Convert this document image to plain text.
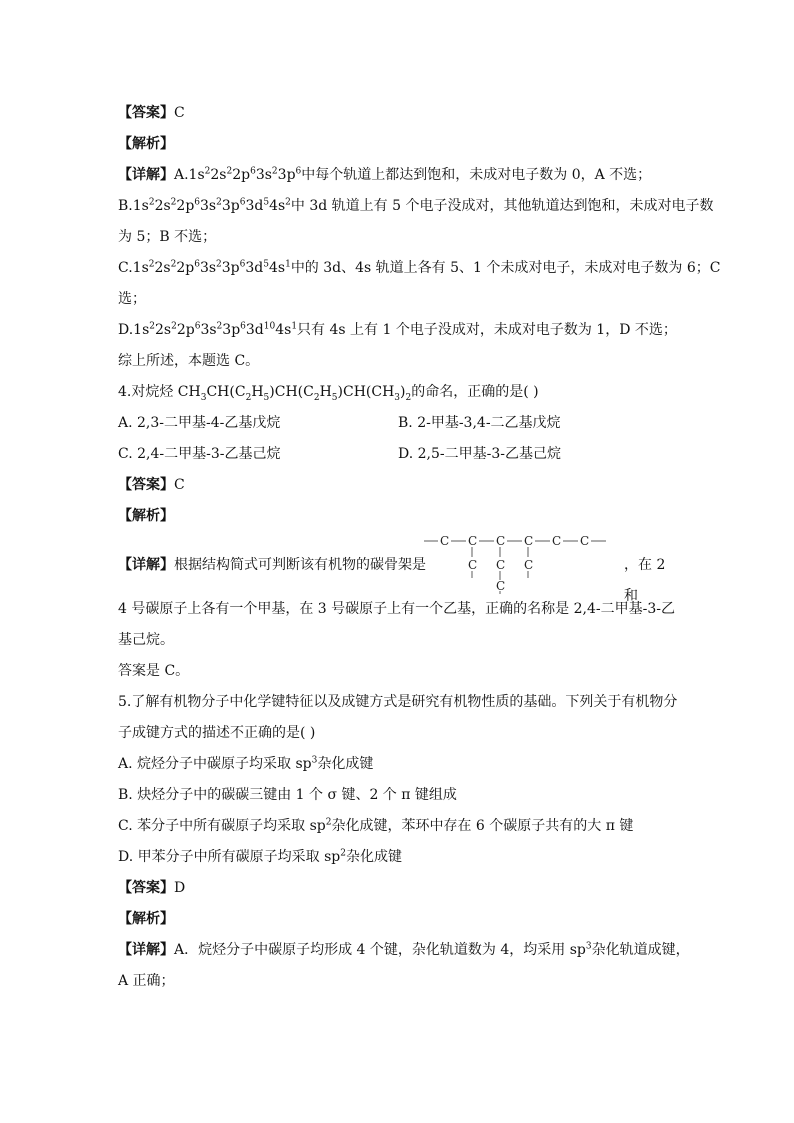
【答案】C
【解析】
【详解】$A.1s^22s^22p^63s^23p^6$中每个轨道上都达到饱和，未成对电子数为 0，A 不选；
$B.1s^22s^22p^63s^23p^63d^54s^2$中 3d 轨道上有 5 个电子没成对，其他轨道达到饱和，未成对电子数
为 5；B 不选；
$C.1s^22s^22p^63s^23p^63d^54s^1$中的 3d、4s 轨道上各有 5、1 个未成对电子，未成对电子数为 6；C
选；
$D.1s^22s^22p^63s^23p^63d^{10}4s^1$只有 4s 上有 1 个电子没成对，未成对电子数为 1，D 不选；
综上所述，本题选 C。
4.对烷烃 $CH_3CH(C_2H_5)CH(C_2H_5)CH(CH_3)_2$的命名，正确的是( )
A. 2,3-二甲基-4-乙基戊烷	B. 2-甲基-3,4-二乙基戊烷
C. 2,4-二甲基-3-乙基己烷	D. 2,5-二甲基-3-乙基己烷
【答案】C
【解析】
【详解】根据结构简式可判断该有机物的碳骨架是
C C C C C C
C C C
C
，在 2和
4 号碳原子上各有一个甲基，在 3 号碳原子上有一个乙基，正确的名称是 2,4-二甲基-3-乙
基己烷。
答案是 C。
5.了解有机物分子中化学键特征以及成键方式是研究有机物性质的基础。下列关于有机物分
子成键方式的描述不正确的是( )
A. 烷烃分子中碳原子均采取 $sp^3$杂化成键
B. 炔烃分子中的碳碳三键由 1 个 σ 键、2 个 π 键组成
C. 苯分子中所有碳原子均采取 $sp^2$杂化成键，苯环中存在 6 个碳原子共有的大 π 键
D. 甲苯分子中所有碳原子均采取 $sp^2$杂化成键
【答案】D
【解析】
【详解】A．烷烃分子中碳原子均形成 4 个键，杂化轨道数为 4，均采用 $sp^3$杂化轨道成键，
A 正确；
